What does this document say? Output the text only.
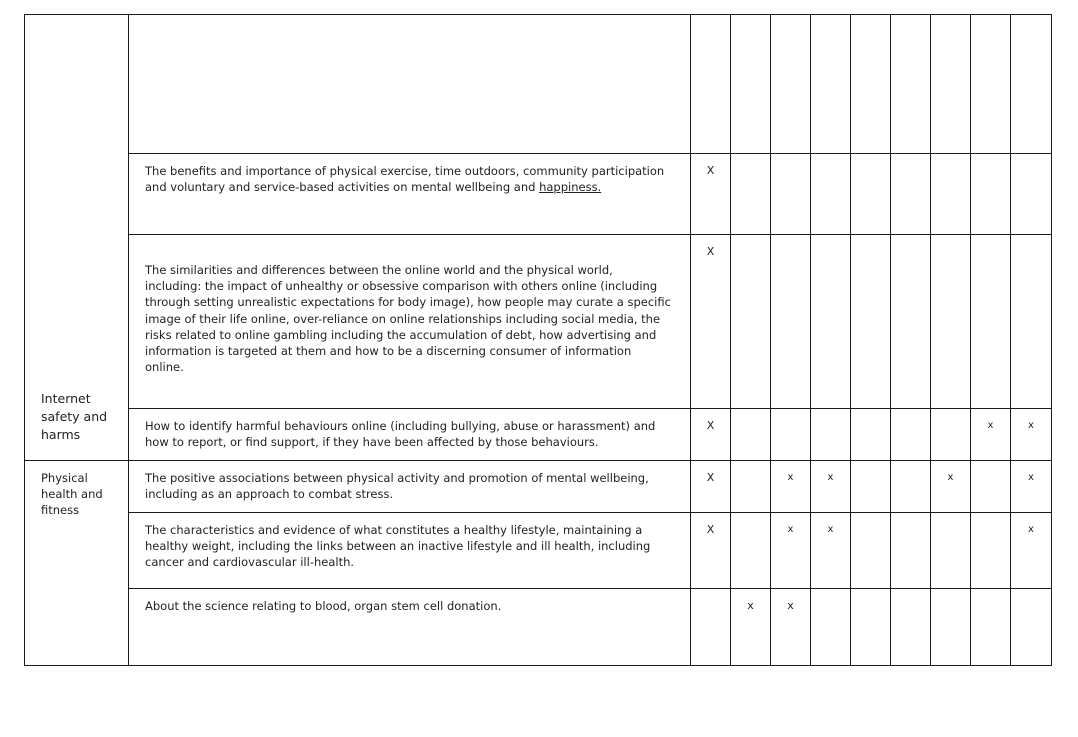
Internet safety and harms										
	The benefits and importance of physical exercise, time outdoors, community participation and voluntary and service-based activities on mental wellbeing and happiness.	X								
	The similarities and differences between the online world and the physical world, including: the impact of unhealthy or obsessive comparison with others online (including through setting unrealistic expectations for body image), how people may curate a specific image of their life online, over-reliance on online relationships including social media, the risks related to online gambling including the accumulation of debt, how advertising and information is targeted at them and how to be a discerning consumer of information online.	X								
	How to identify harmful behaviours online (including bullying, abuse or harassment) and how to report, or find support, if they have been affected by those behaviours.	X							x	x
Physical health and fitness	The positive associations between physical activity and promotion of mental wellbeing, including as an approach to combat stress.	X		x	x			x		x
	The characteristics and evidence of what constitutes a healthy lifestyle, maintaining a healthy weight, including the links between an inactive lifestyle and ill health, including cancer and cardiovascular ill-health.	X		x	x					x
	About the science relating to blood, organ stem cell donation.		x	x						
